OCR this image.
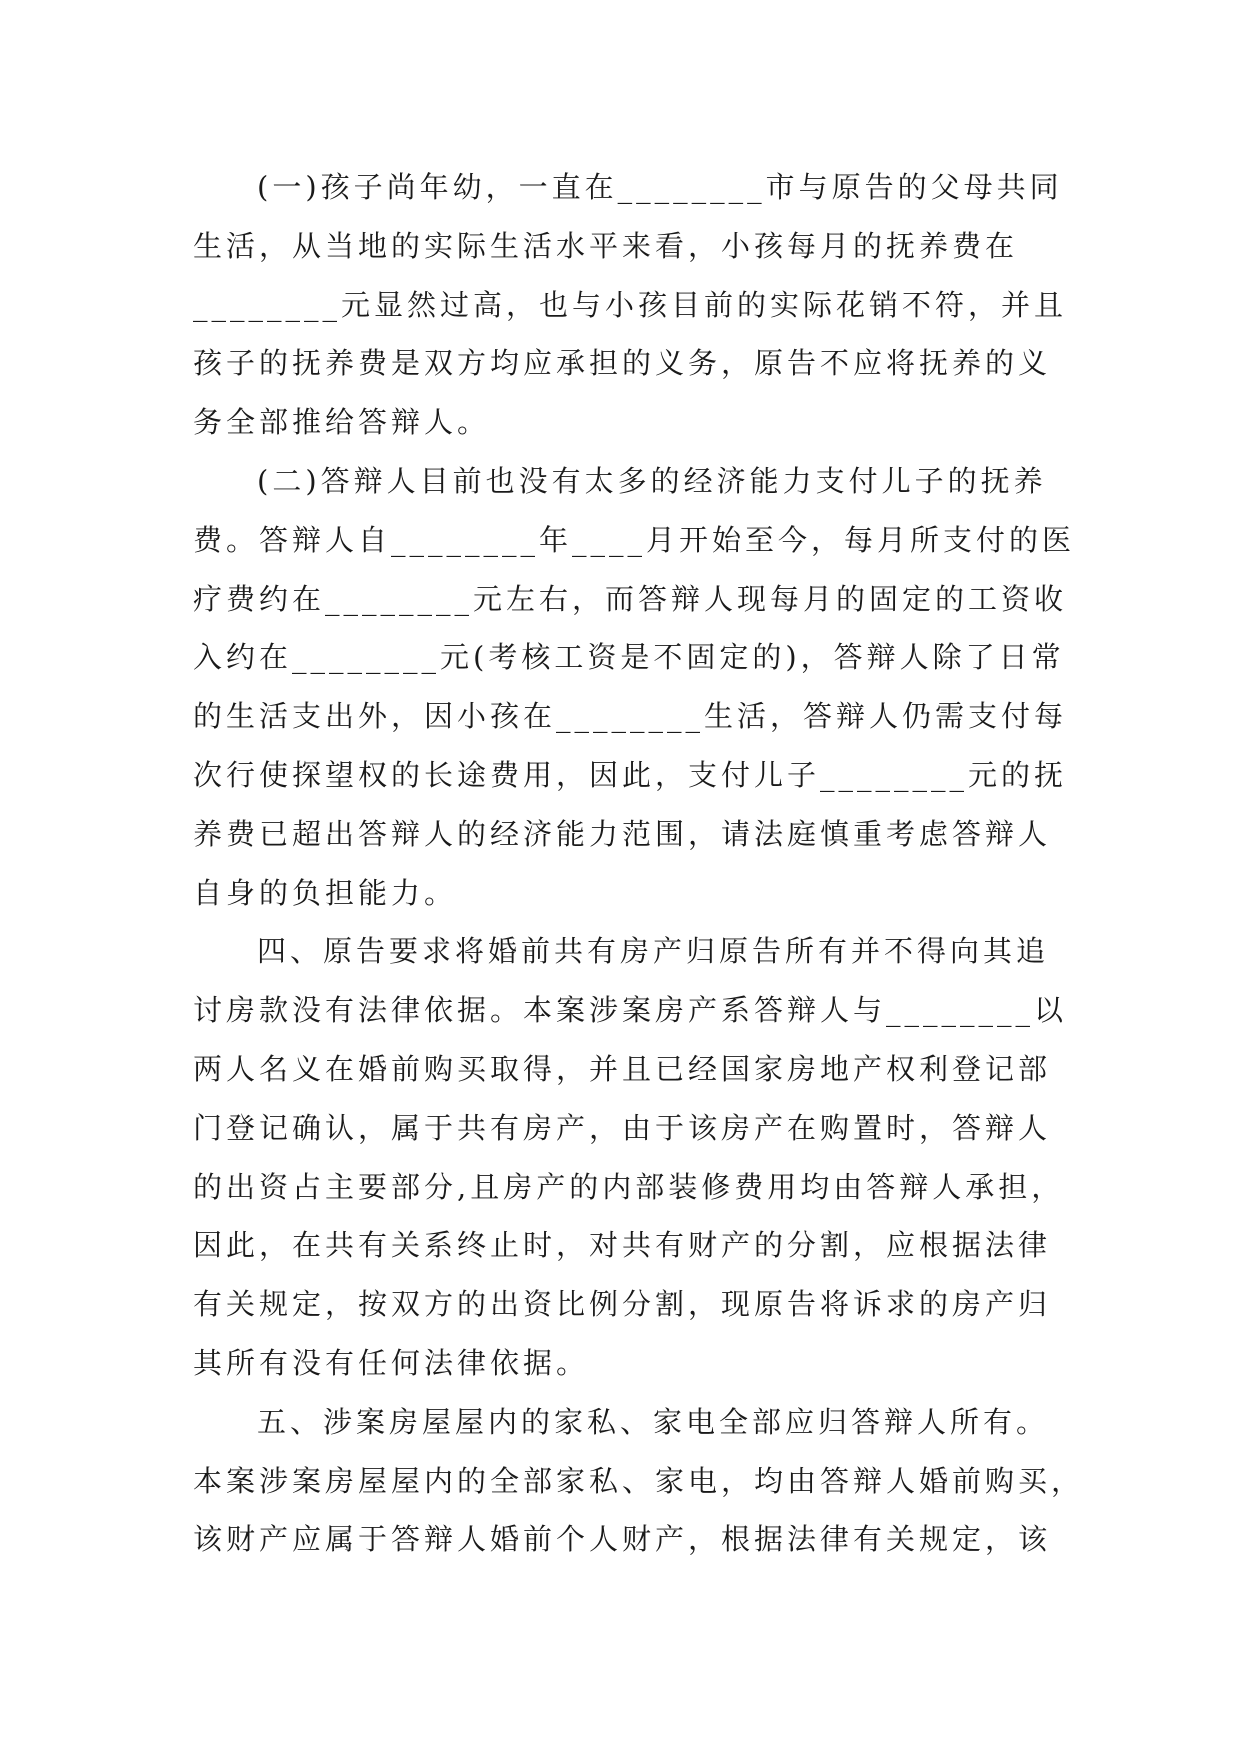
(一)孩子尚年幼，一直在________市与原告的父母共同
生活，从当地的实际生活水平来看，小孩每月的抚养费在
________元显然过高，也与小孩目前的实际花销不符，并且
孩子的抚养费是双方均应承担的义务，原告不应将抚养的义
务全部推给答辩人。
(二)答辩人目前也没有太多的经济能力支付儿子的抚养
费。答辩人自________年____月开始至今，每月所支付的医
疗费约在________元左右，而答辩人现每月的固定的工资收
入约在________元(考核工资是不固定的)，答辩人除了日常
的生活支出外，因小孩在________生活，答辩人仍需支付每
次行使探望权的长途费用，因此，支付儿子________元的抚
养费已超出答辩人的经济能力范围，请法庭慎重考虑答辩人
自身的负担能力。
四、原告要求将婚前共有房产归原告所有并不得向其追
讨房款没有法律依据。本案涉案房产系答辩人与________以
两人名义在婚前购买取得，并且已经国家房地产权利登记部
门登记确认，属于共有房产，由于该房产在购置时，答辩人
的出资占主要部分,且房产的内部装修费用均由答辩人承担，
因此，在共有关系终止时，对共有财产的分割，应根据法律
有关规定，按双方的出资比例分割，现原告将诉求的房产归
其所有没有任何法律依据。
五、涉案房屋屋内的家私、家电全部应归答辩人所有。
本案涉案房屋屋内的全部家私、家电，均由答辩人婚前购买，
该财产应属于答辩人婚前个人财产，根据法律有关规定，该
